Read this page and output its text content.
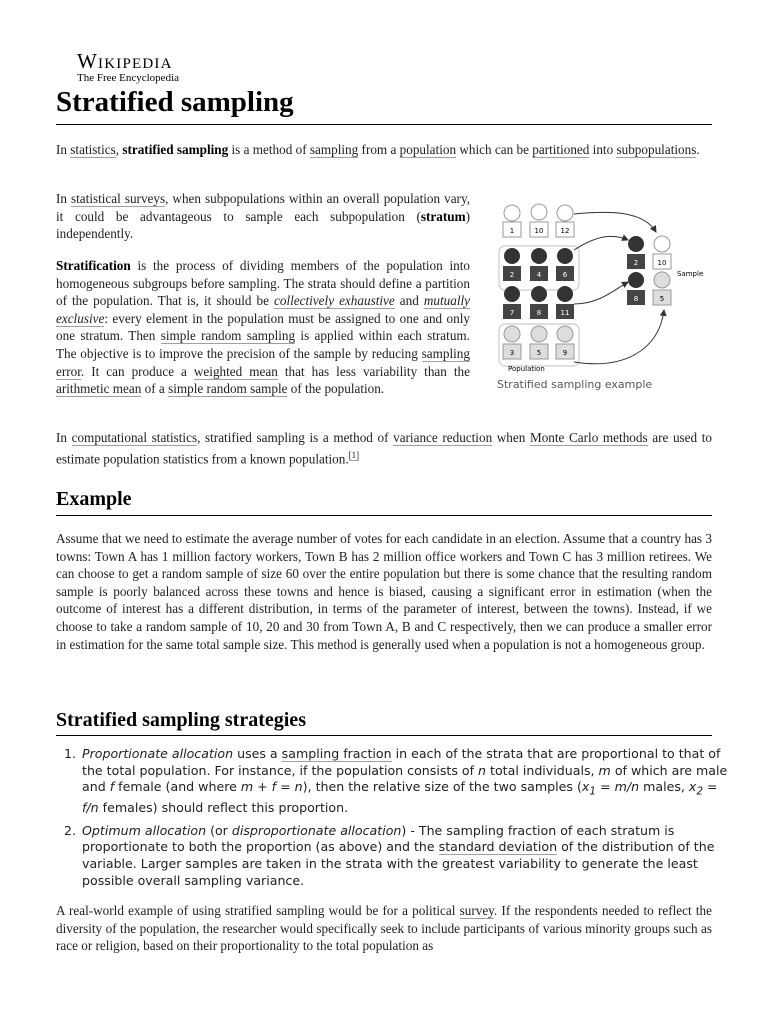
Wikipedia
The Free Encyclopedia
Stratified sampling

In statistics, stratified sampling is a method of sampling from a population which can be partitioned into subpopulations.

In statistical surveys, when subpopulations within an overall population vary, it could be advantageous to sample each subpopulation (stratum) independently.

Stratification is the process of dividing members of the population into homogeneous subgroups before sampling. The strata should define a partition of the population. That is, it should be collectively exhaustive and mutually exclusive: every element in the population must be assigned to one and only one stratum. Then simple random sampling is applied within each stratum. The objective is to improve the precision of the sample by reducing sampling error. It can produce a weighted mean that has less variability than the arithmetic mean of a simple random sample of the population.

1	10 12
2	4	6
7	8	11
3	5	9
2	10
8	5
Sample
Population
Stratified sampling example

In computational statistics, stratified sampling is a method of variance reduction when Monte Carlo methods are used to estimate population statistics from a known population.[1]

Example

Assume that we need to estimate the average number of votes for each candidate in an election. Assume that a country has 3 towns: Town A has 1 million factory workers, Town B has 2 million office workers and Town C has 3 million retirees. We can choose to get a random sample of size 60 over the entire population but there is some chance that the resulting random sample is poorly balanced across these towns and hence is biased, causing a significant error in estimation (when the outcome of interest has a different distribution, in terms of the parameter of interest, between the towns). Instead, if we choose to take a random sample of 10, 20 and 30 from Town A, B and C respectively, then we can produce a smaller error in estimation for the same total sample size. This method is generally used when a population is not a homogeneous group.

Stratified sampling strategies
1. Proportionate allocation uses a sampling fraction in each of the strata that are proportional to that of the total population. For instance, if the population consists of n total individuals, m of which are male and f female (and where m + f = n), then the relative size of the two samples ($x_1 = m/n$ males, $x_2 = f/n$ females) should reflect this proportion.
2. Optimum allocation (or disproportionate allocation) - The sampling fraction of each stratum is proportionate to both the proportion (as above) and the standard deviation of the distribution of the variable. Larger samples are taken in the strata with the greatest variability to generate the least possible overall sampling variance.

A real-world example of using stratified sampling would be for a political survey. If the respondents needed to reflect the diversity of the population, the researcher would specifically seek to include participants of various minority groups such as race or religion, based on their proportionality to the total population as
